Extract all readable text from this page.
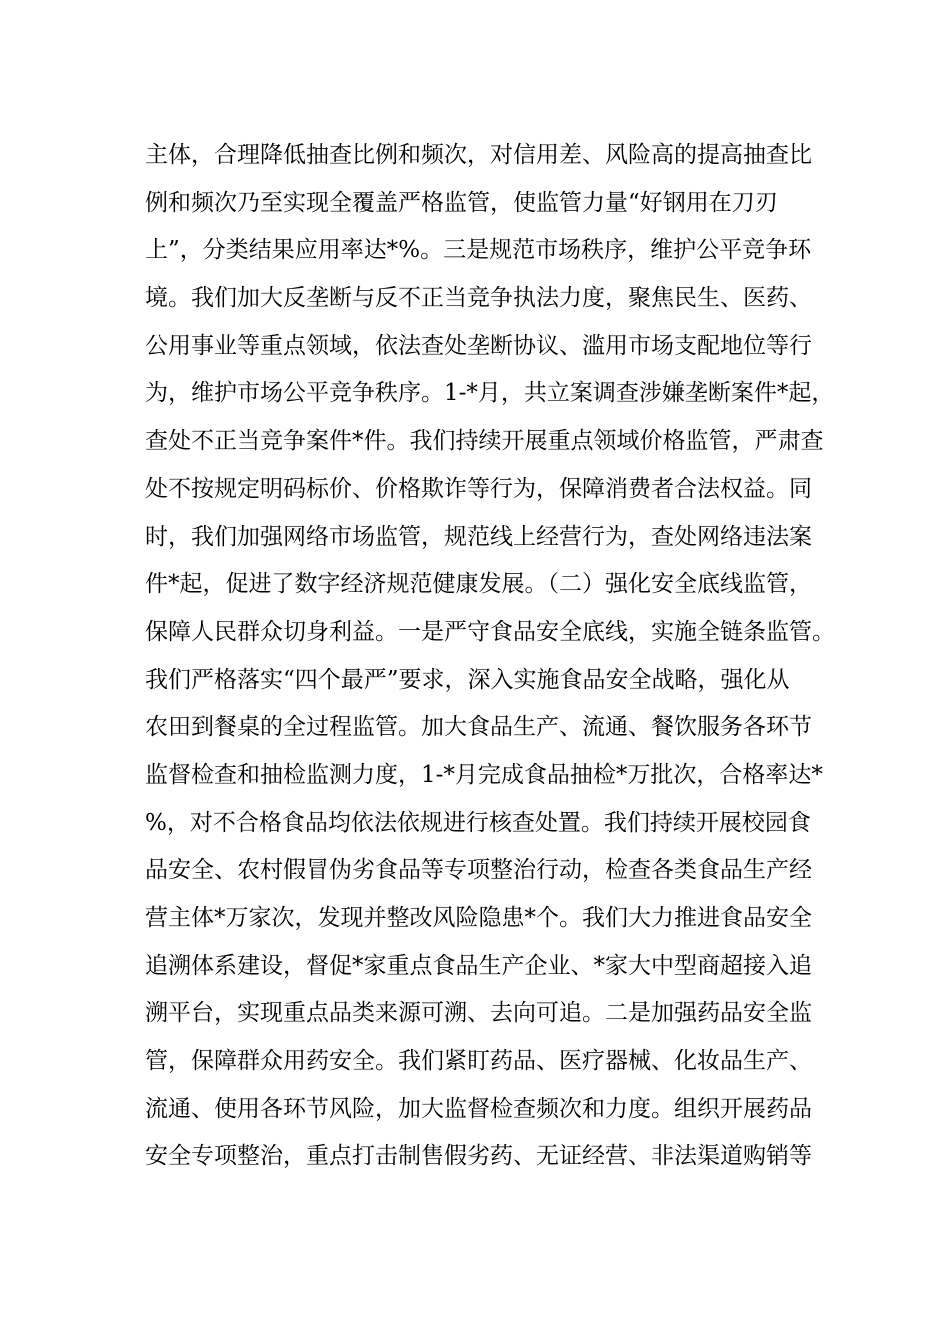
主体，合理降低抽查比例和频次，对信用差、风险高的提高抽查比
例和频次乃至实现全覆盖严格监管，使监管力量“好钢用在刀刃
上”，分类结果应用率达*%。三是规范市场秩序，维护公平竞争环
境。我们加大反垄断与反不正当竞争执法力度，聚焦民生、医药、
公用事业等重点领域，依法查处垄断协议、滥用市场支配地位等行
为，维护市场公平竞争秩序。1-*月，共立案调查涉嫌垄断案件*起，
查处不正当竞争案件*件。我们持续开展重点领域价格监管，严肃查
处不按规定明码标价、价格欺诈等行为，保障消费者合法权益。同
时，我们加强网络市场监管，规范线上经营行为，查处网络违法案
件*起，促进了数字经济规范健康发展。（二）强化安全底线监管，
保障人民群众切身利益。一是严守食品安全底线，实施全链条监管。
我们严格落实“四个最严”要求，深入实施食品安全战略，强化从
农田到餐桌的全过程监管。加大食品生产、流通、餐饮服务各环节
监督检查和抽检监测力度，1-*月完成食品抽检*万批次，合格率达*
%，对不合格食品均依法依规进行核查处置。我们持续开展校园食
品安全、农村假冒伪劣食品等专项整治行动，检查各类食品生产经
营主体*万家次，发现并整改风险隐患*个。我们大力推进食品安全
追溯体系建设，督促*家重点食品生产企业、*家大中型商超接入追
溯平台，实现重点品类来源可溯、去向可追。二是加强药品安全监
管，保障群众用药安全。我们紧盯药品、医疗器械、化妆品生产、
流通、使用各环节风险，加大监督检查频次和力度。组织开展药品
安全专项整治，重点打击制售假劣药、无证经营、非法渠道购销等
